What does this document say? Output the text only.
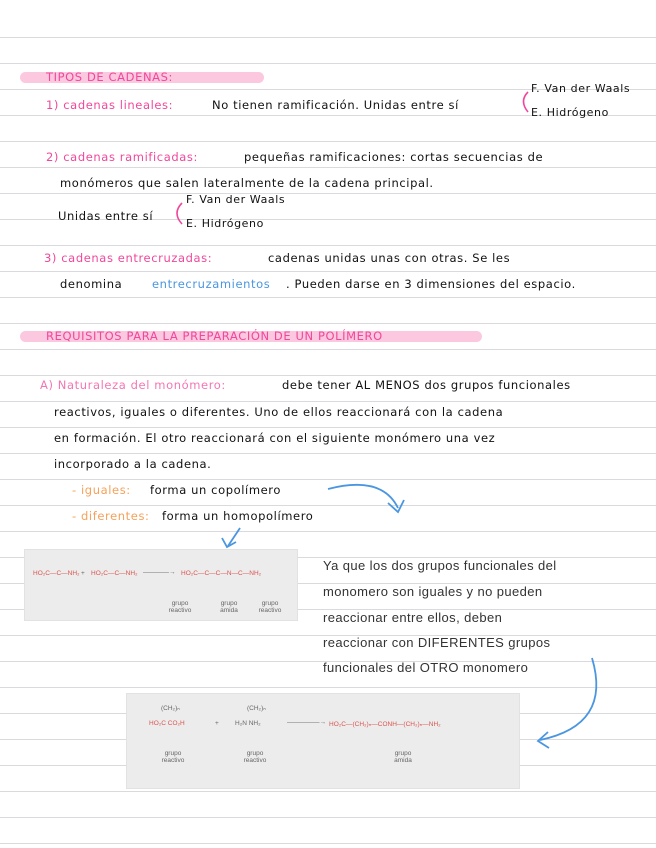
TIPOS DE CADENAS:
1) cadenas lineales:	No tienen ramificación. Unidas entre sí
F. Van der Waals
E. Hidrógeno
2) cadenas ramificadas:	pequeñas ramificaciones: cortas secuencias de
monómeros que salen lateralmente de la cadena principal.
F. Van der Waals
Unidas entre sí
E. Hidrógeno
3) cadenas entrecruzadas:	cadenas unidas unas con otras. Se les
denomina	entrecruzamientos . Pueden darse en 3 dimensiones del espacio.
REQUISITOS PARA LA PREPARACIÓN DE UN POLÍMERO
A) Naturaleza del monómero:	debe tener AL MENOS dos grupos funcionales
reactivos, iguales o diferentes. Uno de ellos reaccionará con la cadena
en formación. El otro reaccionará con el siguiente monómero una vez
incorporado a la cadena.
- iguales: forma un copolímero
- diferentes: forma un homopolímero
HO₂C—C—NH₂ + HO₂C—C—NH₂ ————→ HO₂C—C—C—N—C—NH₂
grupo reactivo
grupo amida
grupo reactivo
Ya que los dos grupos funcionales del
monomero son iguales y no pueden
reaccionar entre ellos, deben
reaccionar con DIFERENTES grupos
funcionales del OTRO monomero
(CH₂)ₙ
HO₂C CO₂H	+
(CH₂)ₙ
H₂N NH₂	—————→ HO₂C—(CH₂)ₙ—CONH—(CH₂)ₙ—NH₂
grupo reactivo
grupo reactivo
grupo amida
